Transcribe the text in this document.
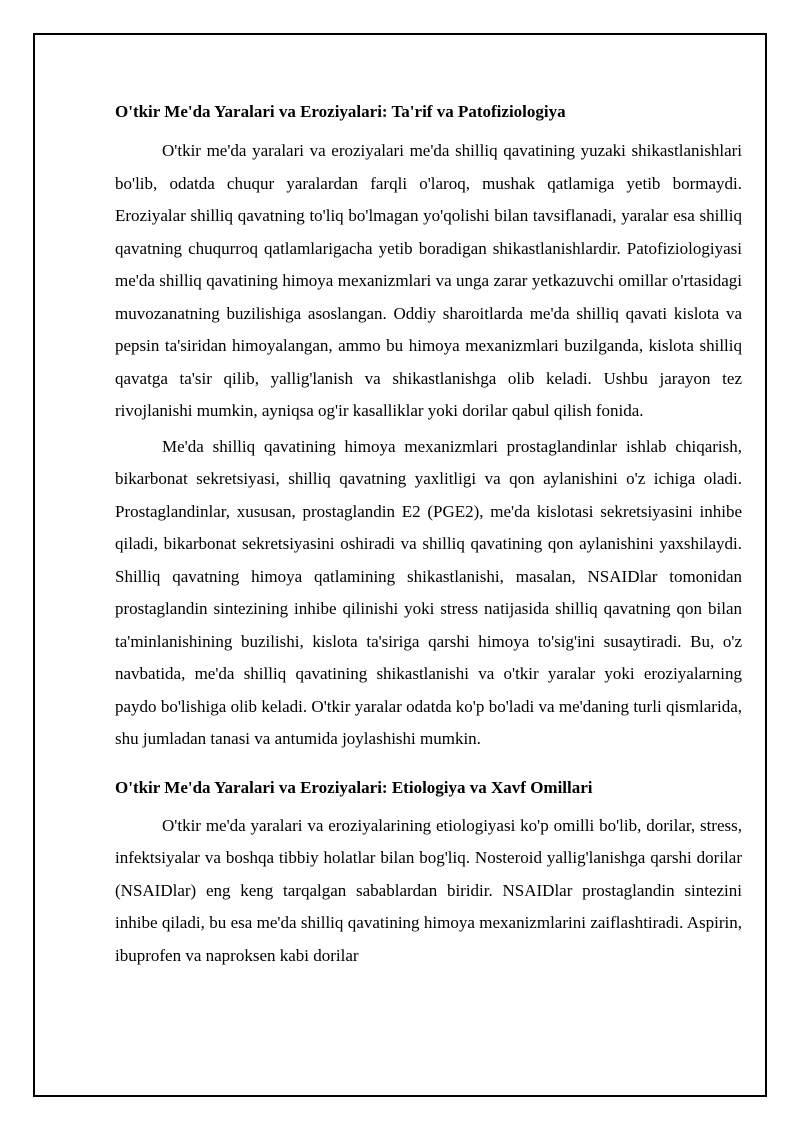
O'tkir Me'da Yaralari va Eroziyalari: Ta'rif va Patofiziologiya

O'tkir me'da yaralari va eroziyalari me'da shilliq qavatining yuzaki shikastlanishlari bo'lib, odatda chuqur yaralardan farqli o'laroq, mushak qatlamiga yetib bormaydi. Eroziyalar shilliq qavatning to'liq bo'lmagan yo'qolishi bilan tavsiflanadi, yaralar esa shilliq qavatning chuqurroq qatlamlarigacha yetib boradigan shikastlanishlardir. Patofiziologiyasi me'da shilliq qavatining himoya mexanizmlari va unga zarar yetkazuvchi omillar o'rtasidagi muvozanatning buzilishiga asoslangan. Oddiy sharoitlarda me'da shilliq qavati kislota va pepsin ta'siridan himoyalangan, ammo bu himoya mexanizmlari buzilganda, kislota shilliq qavatga ta'sir qilib, yallig'lanish va shikastlanishga olib keladi. Ushbu jarayon tez rivojlanishi mumkin, ayniqsa og'ir kasalliklar yoki dorilar qabul qilish fonida.

Me'da shilliq qavatining himoya mexanizmlari prostaglandinlar ishlab chiqarish, bikarbonat sekretsiyasi, shilliq qavatning yaxlitligi va qon aylanishini o'z ichiga oladi. Prostaglandinlar, xususan, prostaglandin E2 (PGE2), me'da kislotasi sekretsiyasini inhibe qiladi, bikarbonat sekretsiyasini oshiradi va shilliq qavatining qon aylanishini yaxshilaydi. Shilliq qavatning himoya qatlamining shikastlanishi, masalan, NSAIDlar tomonidan prostaglandin sintezining inhibe qilinishi yoki stress natijasida shilliq qavatning qon bilan ta'minlanishining buzilishi, kislota ta'siriga qarshi himoya to'sig'ini susaytiradi. Bu, o'z navbatida, me'da shilliq qavatining shikastlanishi va o'tkir yaralar yoki eroziyalarning paydo bo'lishiga olib keladi. O'tkir yaralar odatda ko'p bo'ladi va me'daning turli qismlarida, shu jumladan tanasi va antumida joylashishi mumkin.

O'tkir Me'da Yaralari va Eroziyalari: Etiologiya va Xavf Omillari

O'tkir me'da yaralari va eroziyalarining etiologiyasi ko'p omilli bo'lib, dorilar, stress, infektsiyalar va boshqa tibbiy holatlar bilan bog'liq. Nosteroid yallig'lanishga qarshi dorilar (NSAIDlar) eng keng tarqalgan sabablardan biridir. NSAIDlar prostaglandin sintezini inhibe qiladi, bu esa me'da shilliq qavatining himoya mexanizmlarini zaiflashtiradi. Aspirin, ibuprofen va naproksen kabi dorilar
